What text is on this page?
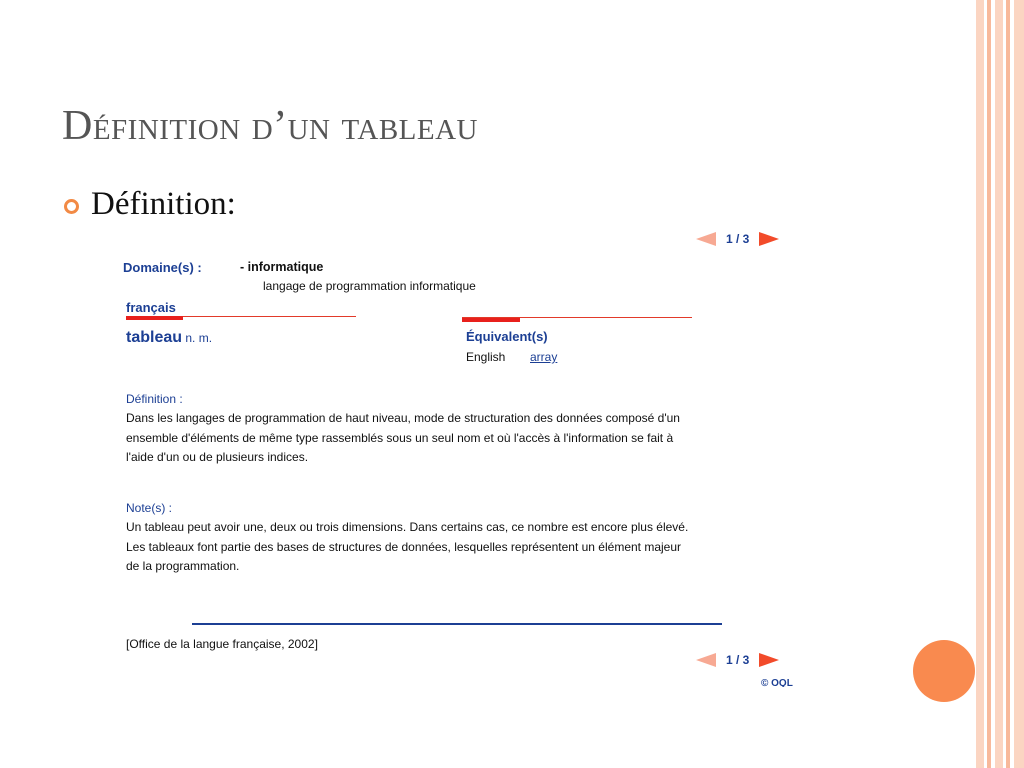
Définition d’un tableau
Définition:
1 / 3
Domaine(s) :	- informatique
langage de programmation informatique
français
tableau n. m.	Équivalent(s)
English array
Définition :
Dans les langages de programmation de haut niveau, mode de structuration des données composé d'un
ensemble d'éléments de même type rassemblés sous un seul nom et où l'accès à l'information se fait à
l'aide d'un ou de plusieurs indices.
Note(s) :
Un tableau peut avoir une, deux ou trois dimensions. Dans certains cas, ce nombre est encore plus élevé.
Les tableaux font partie des bases de structures de données, lesquelles représentent un élément majeur
de la programmation.
[Office de la langue française, 2002]
1 / 3
© OQL
